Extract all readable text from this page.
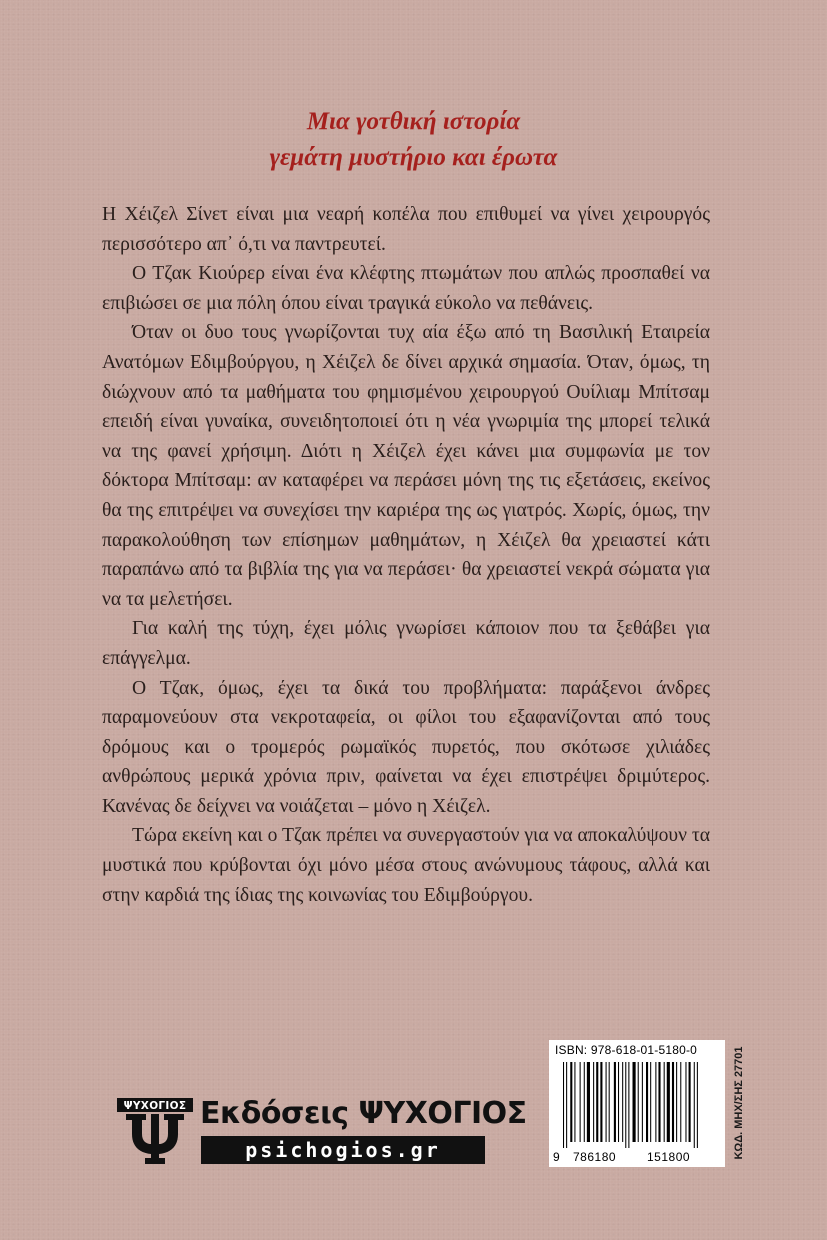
Μια γοτθική ιστορία
γεμάτη μυστήριο και έρωτα

Η Χέιζελ Σίνετ είναι μια νεαρή κοπέλα που επιθυμεί να γίνει χειρουργός περισσότερο απ᾽ ό,τι να παντρευτεί.

Ο Τζακ Κιούρερ είναι ένα κλέφτης πτωμάτων που απλώς προσπαθεί να επιβιώσει σε μια πόλη όπου είναι τραγικά εύκολο να πεθάνεις.

Όταν οι δυο τους γνωρίζονται τυχ αία έξω από τη Βασιλική Εταιρεία Ανατόμων Εδιμβούργου, η Χέιζελ δε δίνει αρχικά σημασία. Όταν, όμως, τη διώχνουν από τα μαθήματα του φημισμένου χειρουργού Ουίλιαμ Μπίτσαμ επειδή είναι γυναίκα, συνειδητοποιεί ότι η νέα γνωριμία της μπορεί τελικά να της φανεί χρήσιμη. Διότι η Χέιζελ έχει κάνει μια συμφωνία με τον δόκτορα Μπίτσαμ: αν καταφέρει να περάσει μόνη της τις εξετάσεις, εκείνος θα της επιτρέψει να συνεχίσει την καριέρα της ως γιατρός. Χωρίς, όμως, την παρακολούθηση των επίσημων μαθημάτων, η Χέιζελ θα χρειαστεί κάτι παραπάνω από τα βιβλία της για να περάσει· θα χρειαστεί νεκρά σώματα για να τα μελετήσει.

Για καλή της τύχη, έχει μόλις γνωρίσει κάποιον που τα ξεθάβει για επάγγελμα.

Ο Τζακ, όμως, έχει τα δικά του προβλήματα: παράξενοι άνδρες παραμονεύουν στα νεκροταφεία, οι φίλοι του εξαφανίζονται από τους δρόμους και ο τρομερός ρωμαϊκός πυρετός, που σκότωσε χιλιάδες ανθρώπους μερικά χρόνια πριν, φαίνεται να έχει επιστρέψει δριμύτερος. Κανένας δε δείχνει να νοιάζεται – μόνο η Χέιζελ.

Τώρα εκείνη και ο Τζακ πρέπει να συνεργαστούν για να αποκαλύψουν τα μυστικά που κρύβονται όχι μόνο μέσα στους ανώνυμους τάφους, αλλά και στην καρδιά της ίδιας της κοινωνίας του Εδιμβούργου.

ΨΥΧΟΓΙΟΣ Εκδόσεις ΨΥΧΟΓΙΟΣ
psichogios.gr
ISBN: 978-618-01-5180-0
9 786180	151800	ΚΩΔ. ΜΗΧ/ΣΗΣ 27701
